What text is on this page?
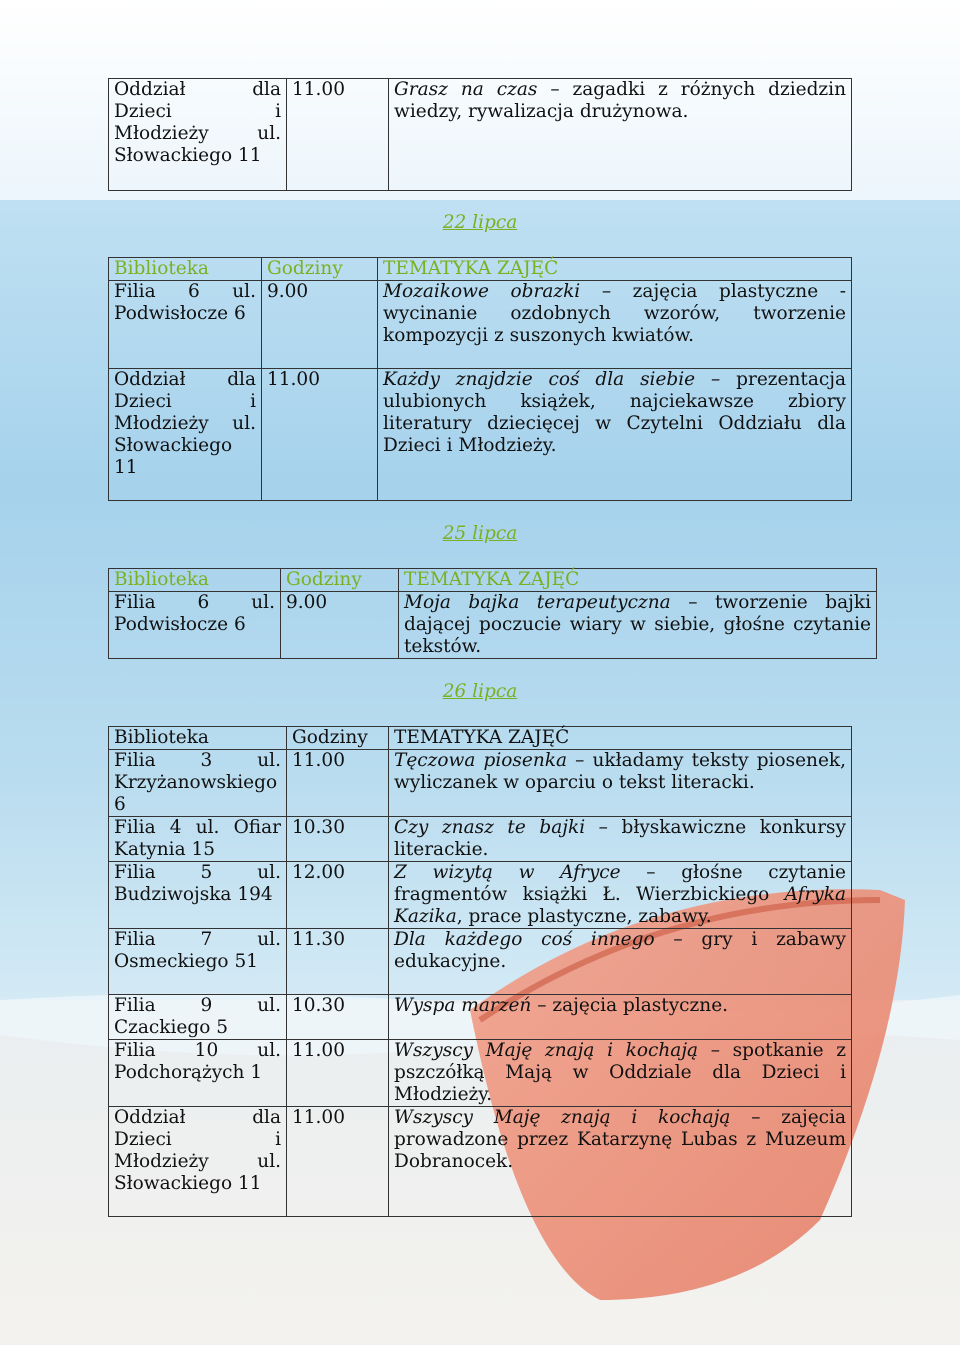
Oddział dla Dzieci i Młodzieży ul. Słowackiego 11	11.00	Grasz na czas – zagadki z różnych dziedzin wiedzy, rywalizacja drużynowa.
22 lipca
Biblioteka	Godziny	TEMATYKA ZAJĘĆ
Filia 6 ul. Podwisłocze 6	9.00	Mozaikowe obrazki – zajęcia plastyczne - wycinanie ozdobnych wzorów, tworzenie kompozycji z suszonych kwiatów.
Oddział dla Dzieci i Młodzieży ul. Słowackiego 11	11.00	Każdy znajdzie coś dla siebie – prezentacja ulubionych książek, najciekawsze zbiory literatury dziecięcej w Czytelni Oddziału dla Dzieci i Młodzieży.
25 lipca
Biblioteka	Godziny	TEMATYKA ZAJĘĆ
Filia 6 ul. Podwisłocze 6	9.00	Moja bajka terapeutyczna – tworzenie bajki dającej poczucie wiary w siebie, głośne czytanie tekstów.
26 lipca
Biblioteka	Godziny	TEMATYKA ZAJĘĆ
Filia 3 ul. Krzyżanowskiego 6	11.00	Tęczowa piosenka – układamy teksty piosenek, wyliczanek w oparciu o tekst literacki.
Filia 4 ul. Ofiar Katynia 15	10.30	Czy znasz te bajki – błyskawiczne konkursy literackie.
Filia 5 ul. Budziwojska 194	12.00	Z wizytą w Afryce – głośne czytanie fragmentów książki Ł. Wierzbickiego Afryka Kazika, prace plastyczne, zabawy.
Filia 7 ul. Osmeckiego 51	11.30	Dla każdego coś innego – gry i zabawy edukacyjne.
Filia 9 ul. Czackiego 5	10.30	Wyspa marzeń – zajęcia plastyczne.
Filia 10 ul. Podchorążych 1	11.00	Wszyscy Maję znają i kochają – spotkanie z pszczółką Mają w Oddziale dla Dzieci i Młodzieży.
Oddział dla Dzieci i Młodzieży ul. Słowackiego 11	11.00	Wszyscy Maję znają i kochają – zajęcia prowadzone przez Katarzynę Lubas z Muzeum Dobranocek.
